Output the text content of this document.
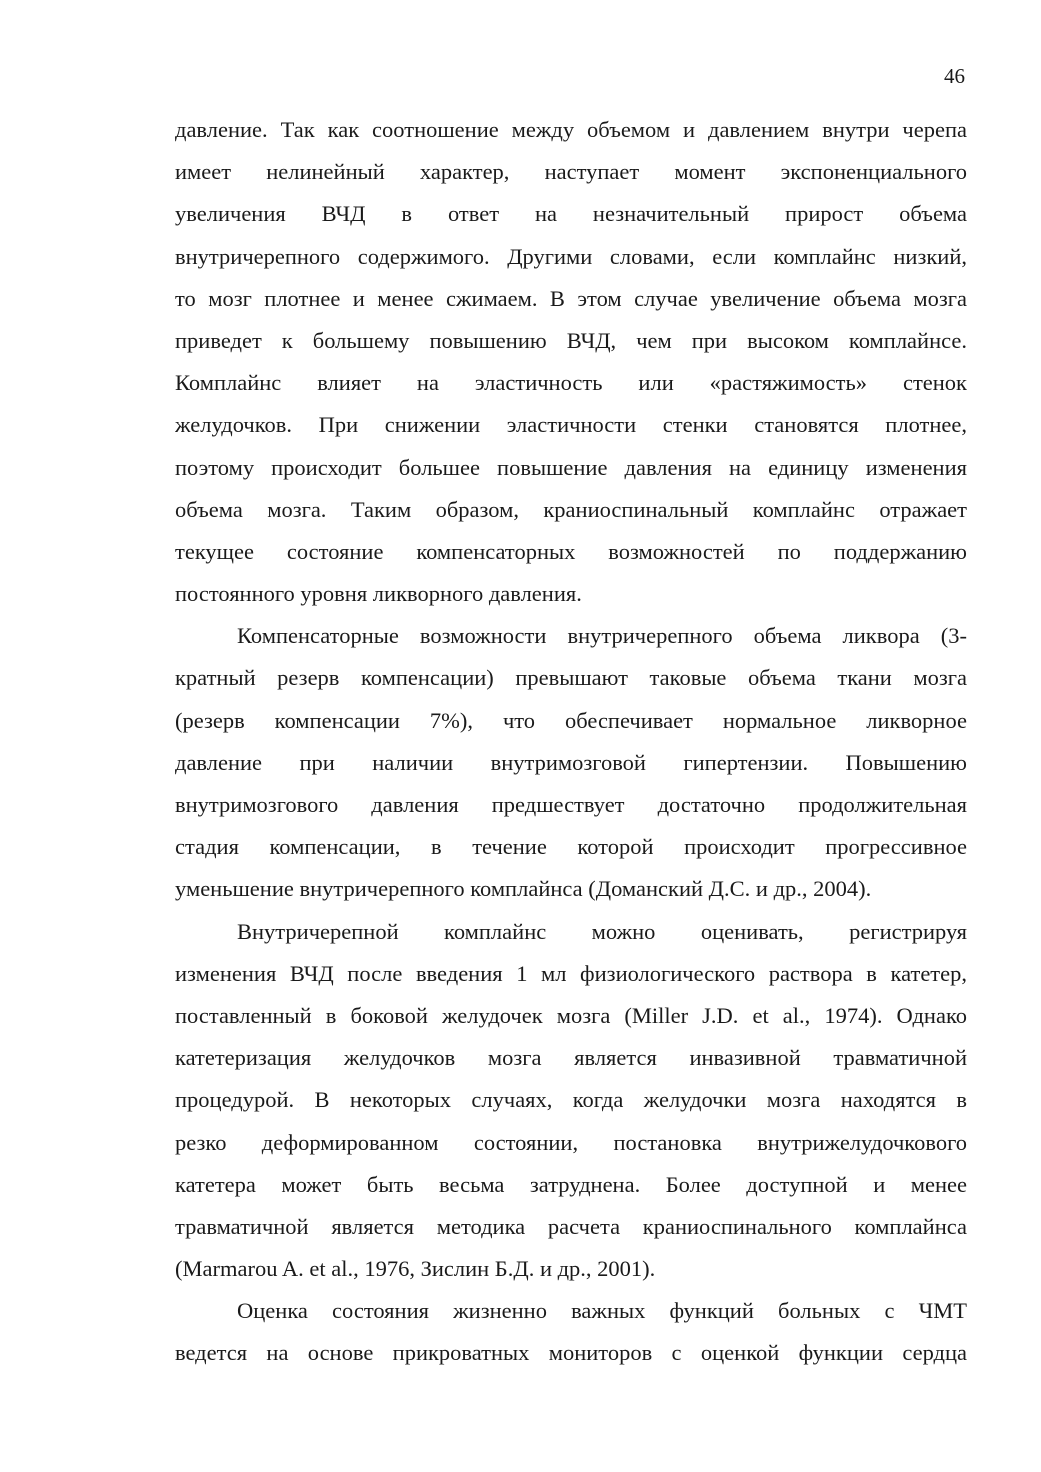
46
давление. Так как соотношение между объемом и давлением внутри черепа
имеет нелинейный характер, наступает момент экспоненциального
увеличения ВЧД в ответ на незначительный прирост объема
внутричерепного содержимого. Другими словами, если комплайнс низкий,
то мозг плотнее и менее сжимаем. В этом случае увеличение объема мозга
приведет к большему повышению ВЧД, чем при высоком комплайнсе.
Комплайнс влияет на эластичность или «растяжимость» стенок
желудочков. При снижении эластичности стенки становятся плотнее,
поэтому происходит большее повышение давления на единицу изменения
объема мозга. Таким образом, краниоспинальный комплайнс отражает
текущее состояние компенсаторных возможностей по поддержанию
постоянного уровня ликворного давления.
Компенсаторные возможности внутричерепного объема ликвора (3-
кратный резерв компенсации) превышают таковые объема ткани мозга
(резерв компенсации 7%), что обеспечивает нормальное ликворное
давление при наличии внутримозговой гипертензии. Повышению
внутримозгового давления предшествует достаточно продолжительная
стадия компенсации, в течение которой происходит прогрессивное
уменьшение внутричерепного комплайнса (Доманский Д.С. и др., 2004).
Внутричерепной комплайнс можно оценивать, регистрируя
изменения ВЧД после введения 1 мл физиологического раствора в катетер,
поставленный в боковой желудочек мозга (Miller J.D. et al., 1974). Однако
катетеризация желудочков мозга является инвазивной травматичной
процедурой. В некоторых случаях, когда желудочки мозга находятся в
резко деформированном состоянии, постановка внутрижелудочкового
катетера может быть весьма затруднена. Более доступной и менее
травматичной является методика расчета краниоспинального комплайнса
(Marmarou A. et al., 1976, Зислин Б.Д. и др., 2001).
Оценка состояния жизненно важных функций больных с ЧМТ
ведется на основе прикроватных мониторов с оценкой функции сердца
